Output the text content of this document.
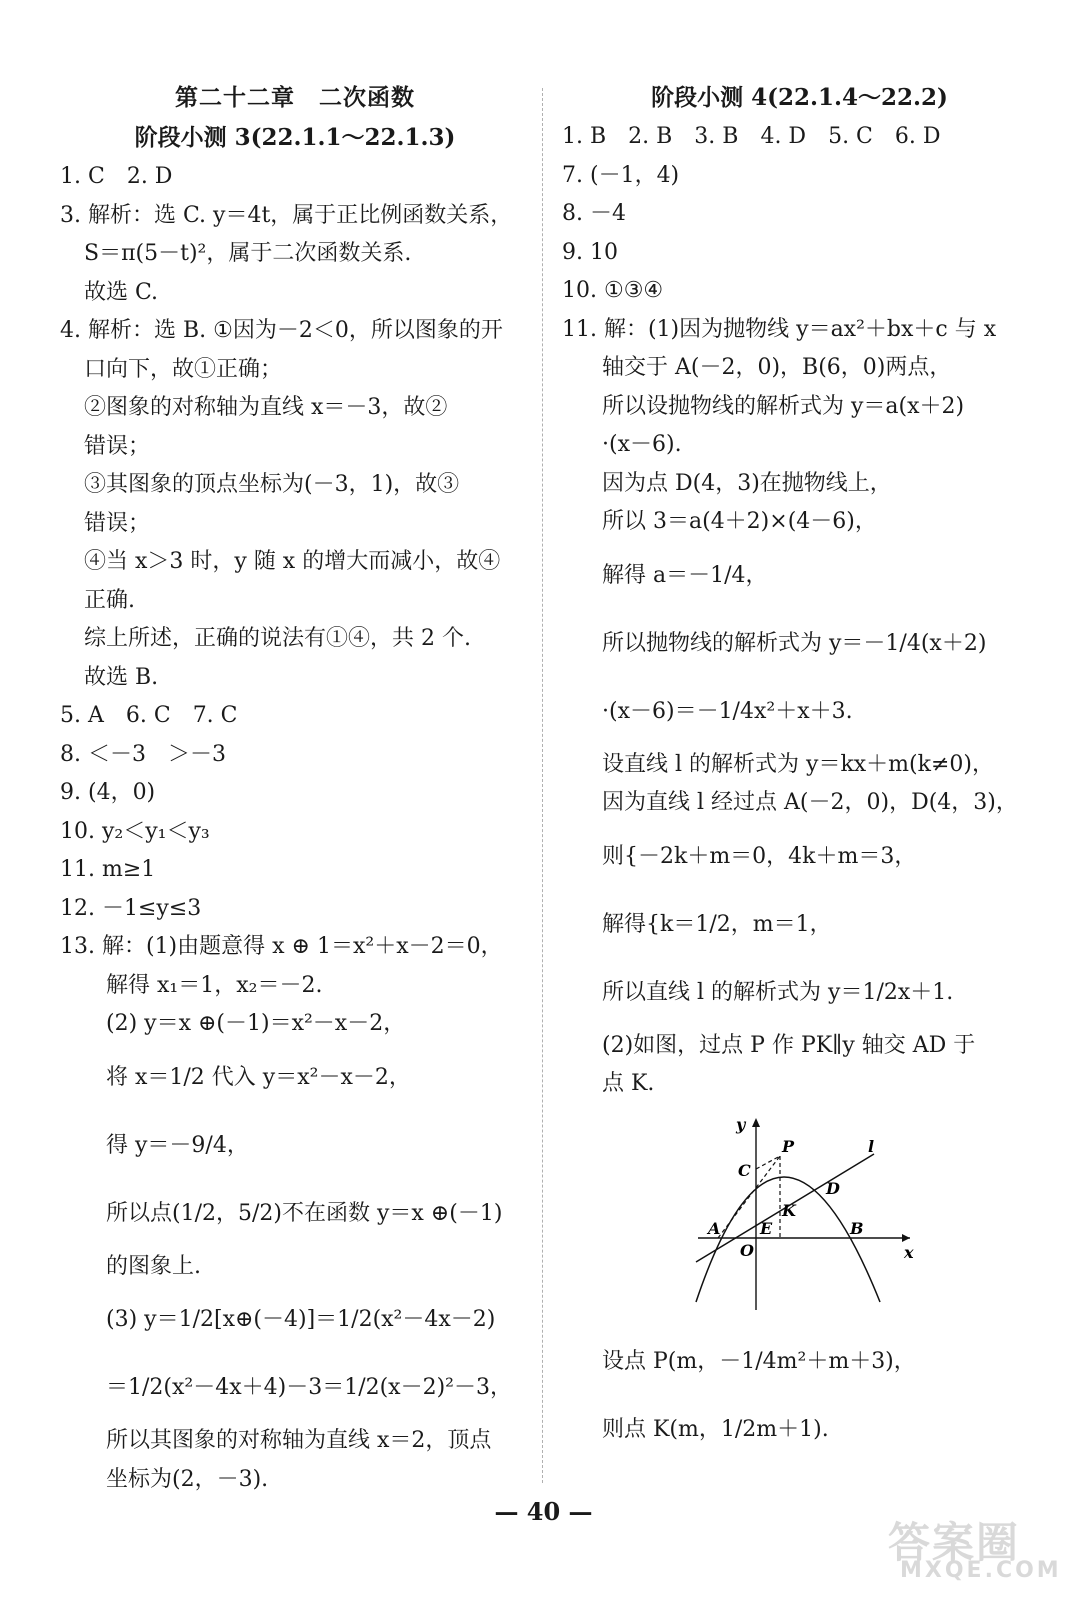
第二十二章　二次函数
阶段小测 3(22.1.1～22.1.3)
1. C　2. D
3. 解析：选 C. y＝4t，属于正比例函数关系，
S＝π(5－t)²，属于二次函数关系.
故选 C.
4. 解析：选 B. ①因为－2＜0，所以图象的开
口向下，故①正确；
②图象的对称轴为直线 x＝－3，故②
错误；
③其图象的顶点坐标为(－3，1)，故③
错误；
④当 x＞3 时，y 随 x 的增大而减小，故④
正确.
综上所述，正确的说法有①④，共 2 个.
故选 B.
5. A　6. C　7. C
8. ＜－3　＞－3
9. (4，0)
10. y₂＜y₁＜y₃
11. m≥1
12. －1≤y≤3
13. 解：(1)由题意得 x ⊕ 1＝x²＋x－2＝0，
解得 x₁＝1，x₂＝－2.
(2) y＝x ⊕(－1)＝x²－x－2，
将 x＝1/2 代入 y＝x²－x－2，
得 y＝－9/4，
所以点(1/2，5/2)不在函数 y＝x ⊕(－1)
的图象上.
(3) y＝1/2[x⊕(－4)]＝1/2(x²－4x－2)
＝1/2(x²－4x＋4)－3＝1/2(x－2)²－3，
所以其图象的对称轴为直线 x＝2，顶点
坐标为(2，－3).
阶段小测 4(22.1.4～22.2)
1. B　2. B　3. B　4. D　5. C　6. D
7. (－1，4)
8. －4
9. 10
10. ①③④
11. 解：(1)因为抛物线 y＝ax²＋bx＋c 与 x
轴交于 A(－2，0)，B(6，0)两点，
所以设抛物线的解析式为 y＝a(x＋2)
·(x－6).
因为点 D(4，3)在抛物线上，
所以 3＝a(4＋2)×(4－6)，
解得 a＝－1/4，
所以抛物线的解析式为 y＝－1/4(x＋2)
·(x－6)＝－1/4x²＋x＋3.
设直线 l 的解析式为 y＝kx＋m(k≠0)，
因为直线 l 经过点 A(－2，0)，D(4，3)，
则{－2k＋m＝0，4k＋m＝3，
解得{k＝1/2，m＝1，
所以直线 l 的解析式为 y＝1/2x＋1.
(2)如图，过点 P 作 PK∥y 轴交 AD 于
点 K.
y
x
P
C
D
l
K
E
A
O
B
设点 P(m，－1/4m²＋m＋3)，
则点 K(m，1/2m＋1).
— 40 —
答案圈
MXQE.COM
